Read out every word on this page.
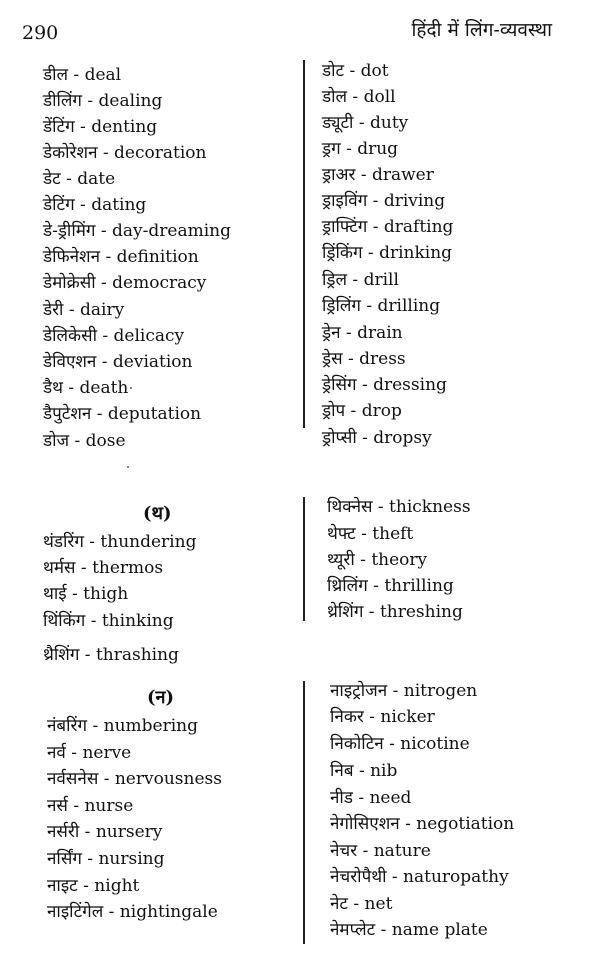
290	हिंदी में लिंग-व्यवस्था
डील - deal
डीलिंग - dealing
डेंटिंग - denting
डेकोरेशन - decoration
डेट - date
डेटिंग - dating
डे-ड्रीमिंग - day-dreaming
डेफिनेशन - definition
डेमोक्रेसी - democracy
डेरी - dairy
डेलिकेसी - delicacy
डेविएशन - deviation
डैथ - death
डैपुटेशन - deputation
डोज - dose
डोट - dot
डोल - doll
ड्यूटी - duty
ड्रग - drug
ड्राअर - drawer
ड्राइविंग - driving
ड्राफ्टिंग - drafting
ड्रिंकिंग - drinking
ड्रिल - drill
ड्रिलिंग - drilling
ड्रेन - drain
ड्रेस - dress
ड्रेसिंग - dressing
ड्रोप - drop
ड्रोप्सी - dropsy
(थ)
थंडरिंग - thundering
थर्मस - thermos
थाई - thigh
थिंकिंग - thinking
थ्रैशिंग - thrashing
थिक्नेस - thickness
थेफ्ट - theft
थ्यूरी - theory
थ्रिलिंग - thrilling
थ्रेशिंग - threshing
(न)
नंबरिंग - numbering
नर्व - nerve
नर्वसनेस - nervousness
नर्स - nurse
नर्सरी - nursery
नर्सिंग - nursing
नाइट - night
नाइटिंगेल - nightingale
नाइट्रोजन - nitrogen
निकर - nicker
निकोटिन - nicotine
निब - nib
नीड - need
नेगोसिएशन - negotiation
नेचर - nature
नेचरोपैथी - naturopathy
नेट - net
नेमप्लेट - name plate
